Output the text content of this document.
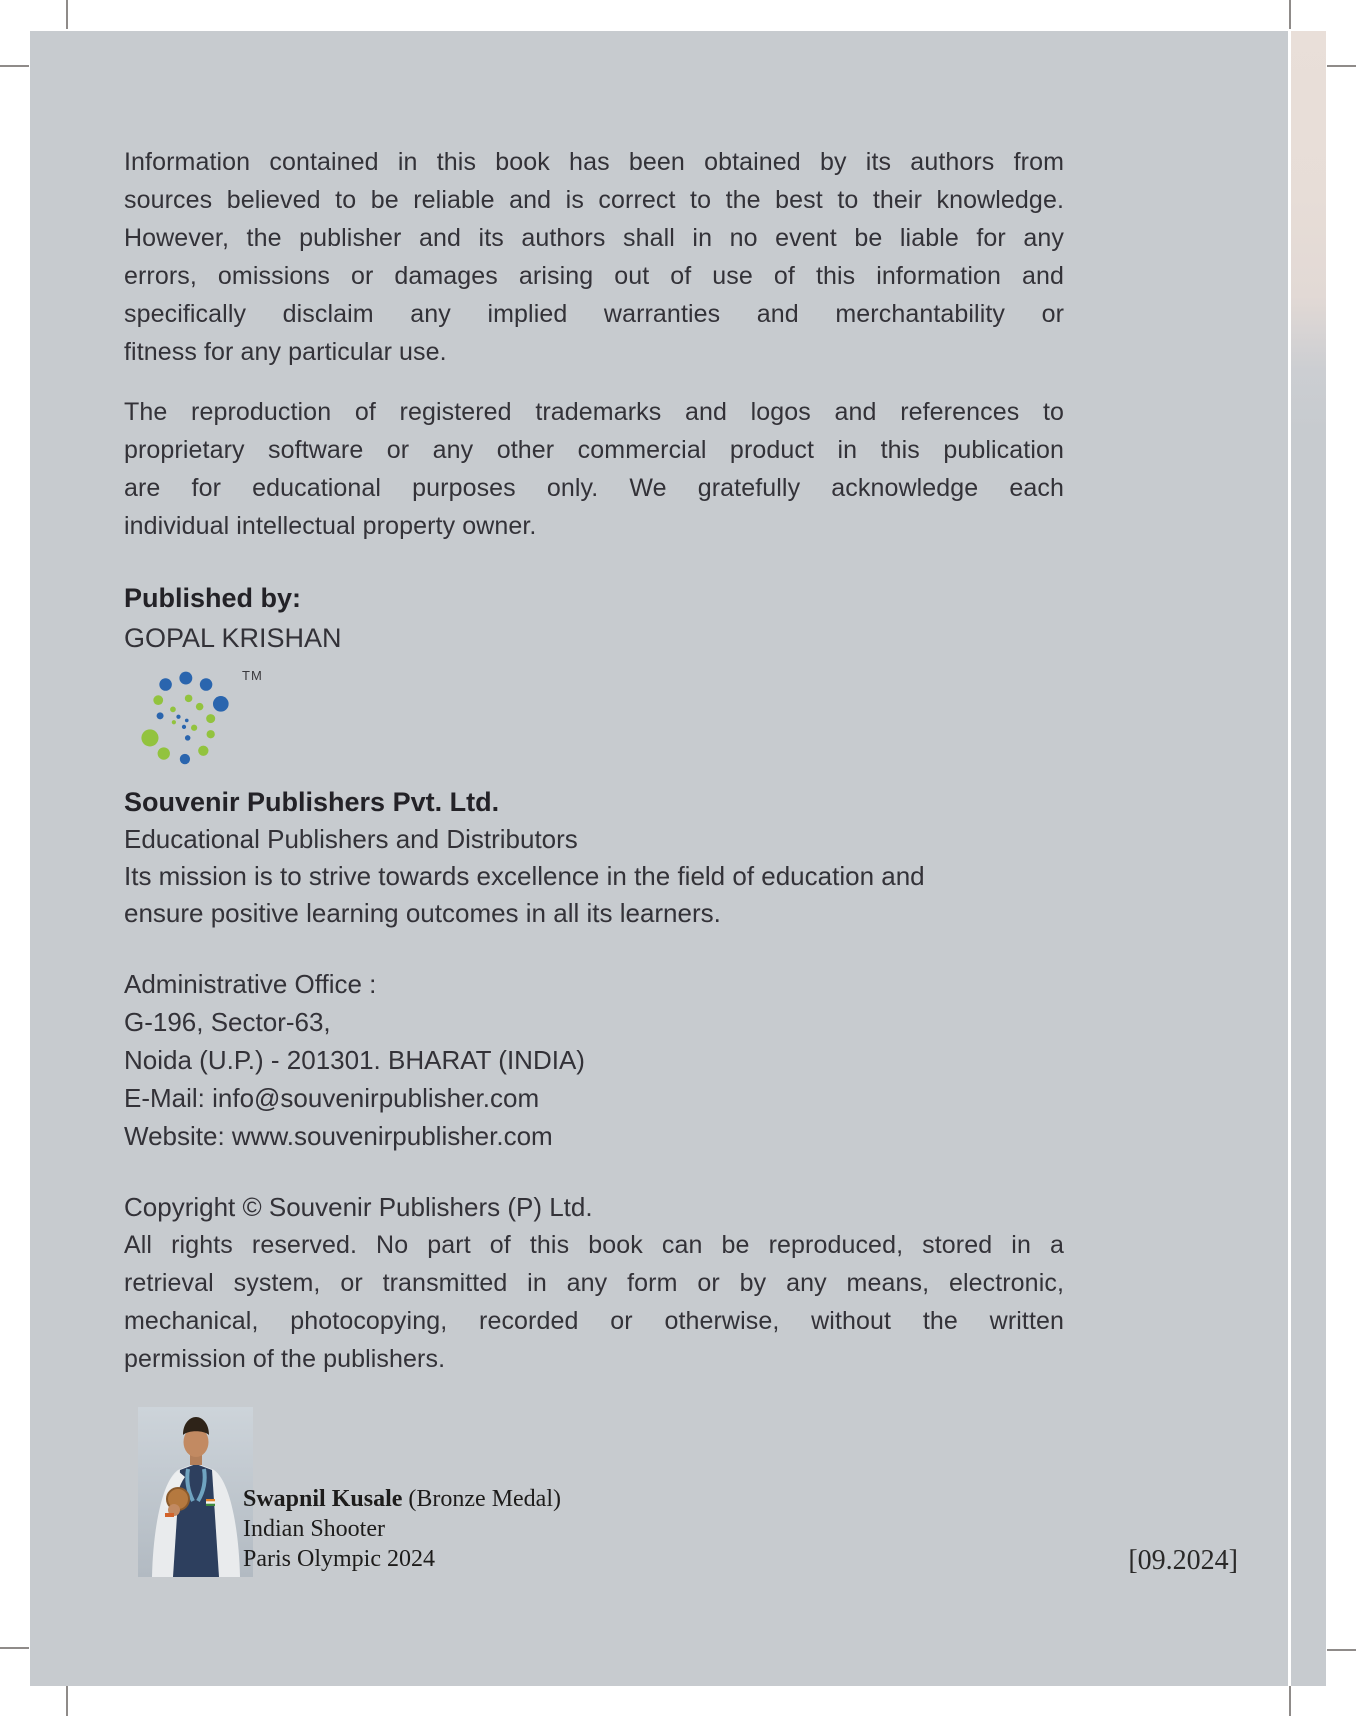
Information contained in this book has been obtained by its authors from
sources believed to be reliable and is correct to the best to their knowledge.
However, the publisher and its authors shall in no event be liable for any
errors, omissions or damages arising out of use of this information and
specifically disclaim any implied warranties and merchantability or
fitness for any particular use.
The reproduction of registered trademarks and logos and references to
proprietary software or any other commercial product in this publication
are for educational purposes only. We gratefully acknowledge each
individual intellectual property owner.
Published by:
GOPAL KRISHAN
TM
Souvenir Publishers Pvt. Ltd.
Educational Publishers and Distributors
Its mission is to strive towards excellence in the field of education and
ensure positive learning outcomes in all its learners.
Administrative Office :
G-196, Sector-63,
Noida (U.P.) - 201301. BHARAT (INDIA)
E-Mail: info@souvenirpublisher.com
Website: www.souvenirpublisher.com
Copyright © Souvenir Publishers (P) Ltd.
All rights reserved. No part of this book can be reproduced, stored in a
retrieval system, or transmitted in any form or by any means, electronic,
mechanical, photocopying, recorded or otherwise, without the written
permission of the publishers.
Swapnil Kusale (Bronze Medal)
Indian Shooter
Paris Olympic 2024	[09.2024]
